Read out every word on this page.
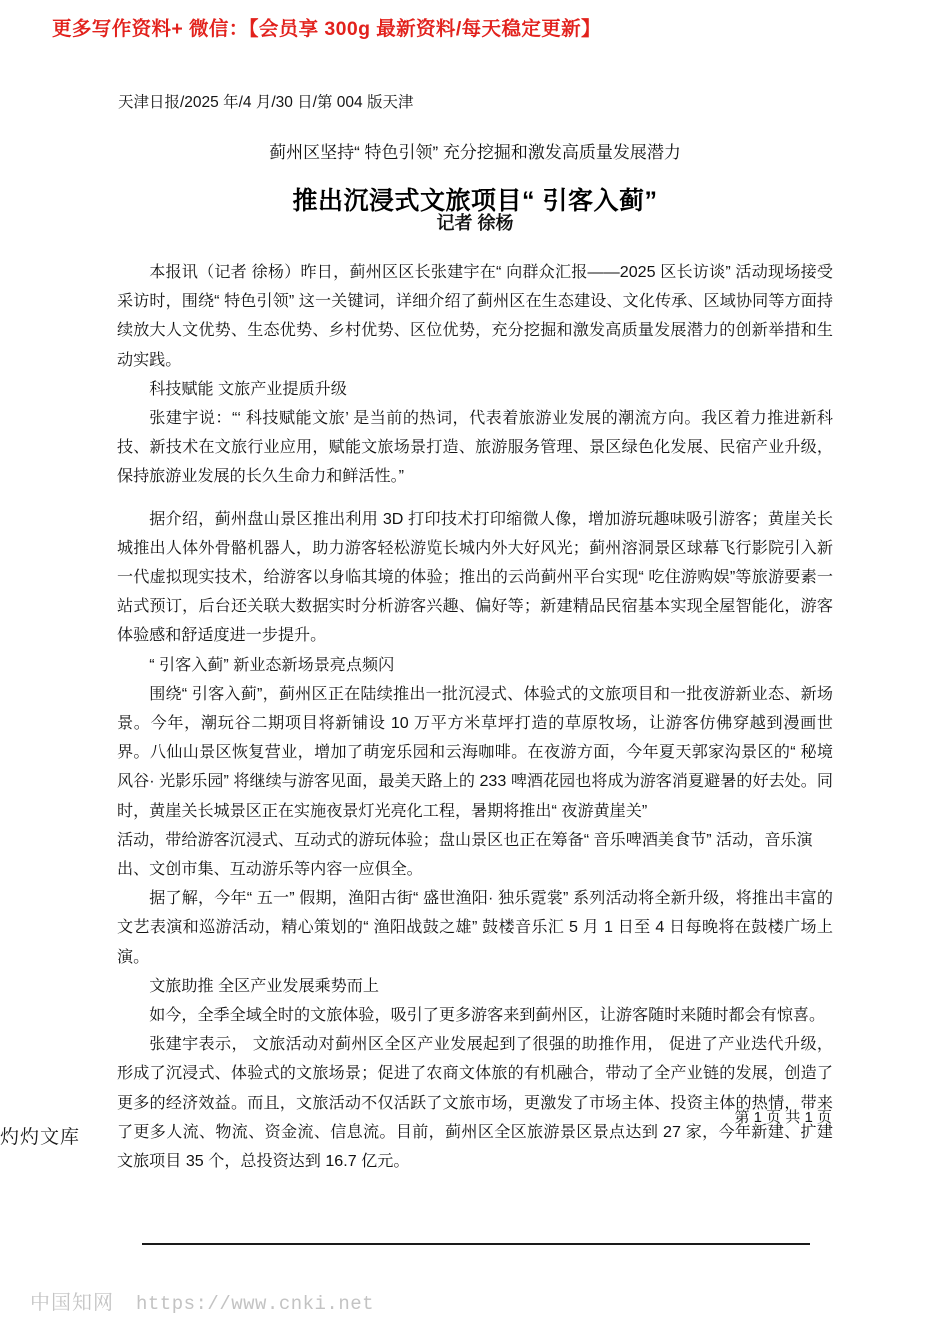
更多写作资料+ 微信：【会员享 300g 最新资料/每天稳定更新】
天津日报/2025 年/4 月/30 日/第 004 版天津
蓟州区坚持“ 特色引领” 充分挖掘和激发高质量发展潜力
推出沉浸式文旅项目“ 引客入蓟”
记者 徐杨

本报讯（记者 徐杨）昨日，蓟州区区长张建宇在“ 向群众汇报——2025 区长访谈” 活动现场接受采访时，围绕“ 特色引领” 这一关键词，详细介绍了蓟州区在生态建设、文化传承、区域协同等方面持续放大人文优势、生态优势、乡村优势、区位优势，充分挖掘和激发高质量发展潜力的创新举措和生动实践。

科技赋能 文旅产业提质升级

张建宇说：“‘ 科技赋能文旅’ 是当前的热词，代表着旅游业发展的潮流方向。我区着力推进新科技、新技术在文旅行业应用，赋能文旅场景打造、旅游服务管理、景区绿色化发展、民宿产业升级，保持旅游业发展的长久生命力和鲜活性。”

据介绍，蓟州盘山景区推出利用 3D 打印技术打印缩微人像，增加游玩趣味吸引游客；黄崖关长城推出人体外骨骼机器人，助力游客轻松游览长城内外大好风光；蓟州溶洞景区球幕飞行影院引入新一代虚拟现实技术，给游客以身临其境的体验；推出的云尚蓟州平台实现“ 吃住游购娱”等旅游要素一站式预订，后台还关联大数据实时分析游客兴趣、偏好等；新建精品民宿基本实现全屋智能化，游客体验感和舒适度进一步提升。

“ 引客入蓟” 新业态新场景亮点频闪

围绕“ 引客入蓟”，蓟州区正在陆续推出一批沉浸式、体验式的文旅项目和一批夜游新业态、新场景。今年，潮玩谷二期项目将新铺设 10 万平方米草坪打造的草原牧场，让游客仿佛穿越到漫画世界。八仙山景区恢复营业，增加了萌宠乐园和云海咖啡。在夜游方面，今年夏天郭家沟景区的“ 秘境风谷· 光影乐园” 将继续与游客见面，最美天路上的 233 啤酒花园也将成为游客消夏避暑的好去处。同时，黄崖关长城景区正在实施夜景灯光亮化工程，暑期将推出“ 夜游黄崖关”

活动，带给游客沉浸式、互动式的游玩体验；盘山景区也正在筹备“ 音乐啤酒美食节” 活动，音乐演出、文创市集、互动游乐等内容一应俱全。

据了解，今年“ 五一” 假期，渔阳古街“ 盛世渔阳· 独乐霓裳” 系列活动将全新升级，将推出丰富的文艺表演和巡游活动，精心策划的“ 渔阳战鼓之雄” 鼓楼音乐汇 5 月 1 日至 4 日每晚将在鼓楼广场上演。

文旅助推 全区产业发展乘势而上

如今，全季全域全时的文旅体验，吸引了更多游客来到蓟州区，让游客随时来随时都会有惊喜。

张建宇表示， 文旅活动对蓟州区全区产业发展起到了很强的助推作用， 促进了产业迭代升级，形成了沉浸式、体验式的文旅场景；促进了农商文体旅的有机融合，带动了全产业链的发展，创造了更多的经济效益。而且，文旅活动不仅活跃了文旅市场，更激发了市场主体、投资主体的热情，带来了更多人流、物流、资金流、信息流。目前，蓟州区全区旅游景区景点达到 27 家，今年新建、扩建文旅项目 35 个，总投资达到 16.7 亿元。

第 1 页 共 1 页
灼灼文库
中国知网 https://www.cnki.net
